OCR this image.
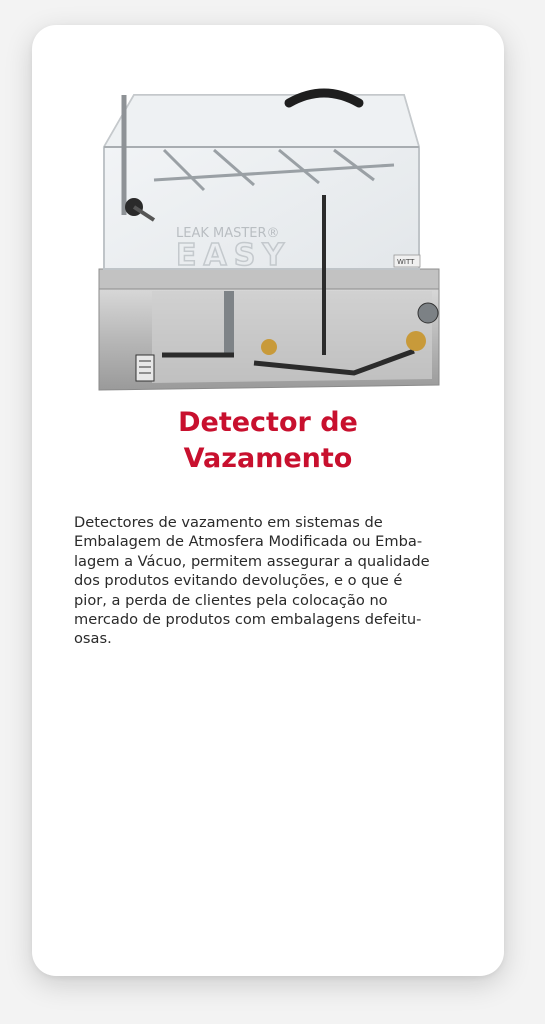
LEAK MASTER®
EASY	WITT
Detector de
Vazamento

Detectores de vazamento em sistemas de
Embalagem de Atmosfera Modificada ou Emba-
lagem a Vácuo, permitem assegurar a qualidade
dos produtos evitando devoluções, e o que é
pior, a perda de clientes pela colocação no
mercado de produtos com embalagens defeitu-
osas.
